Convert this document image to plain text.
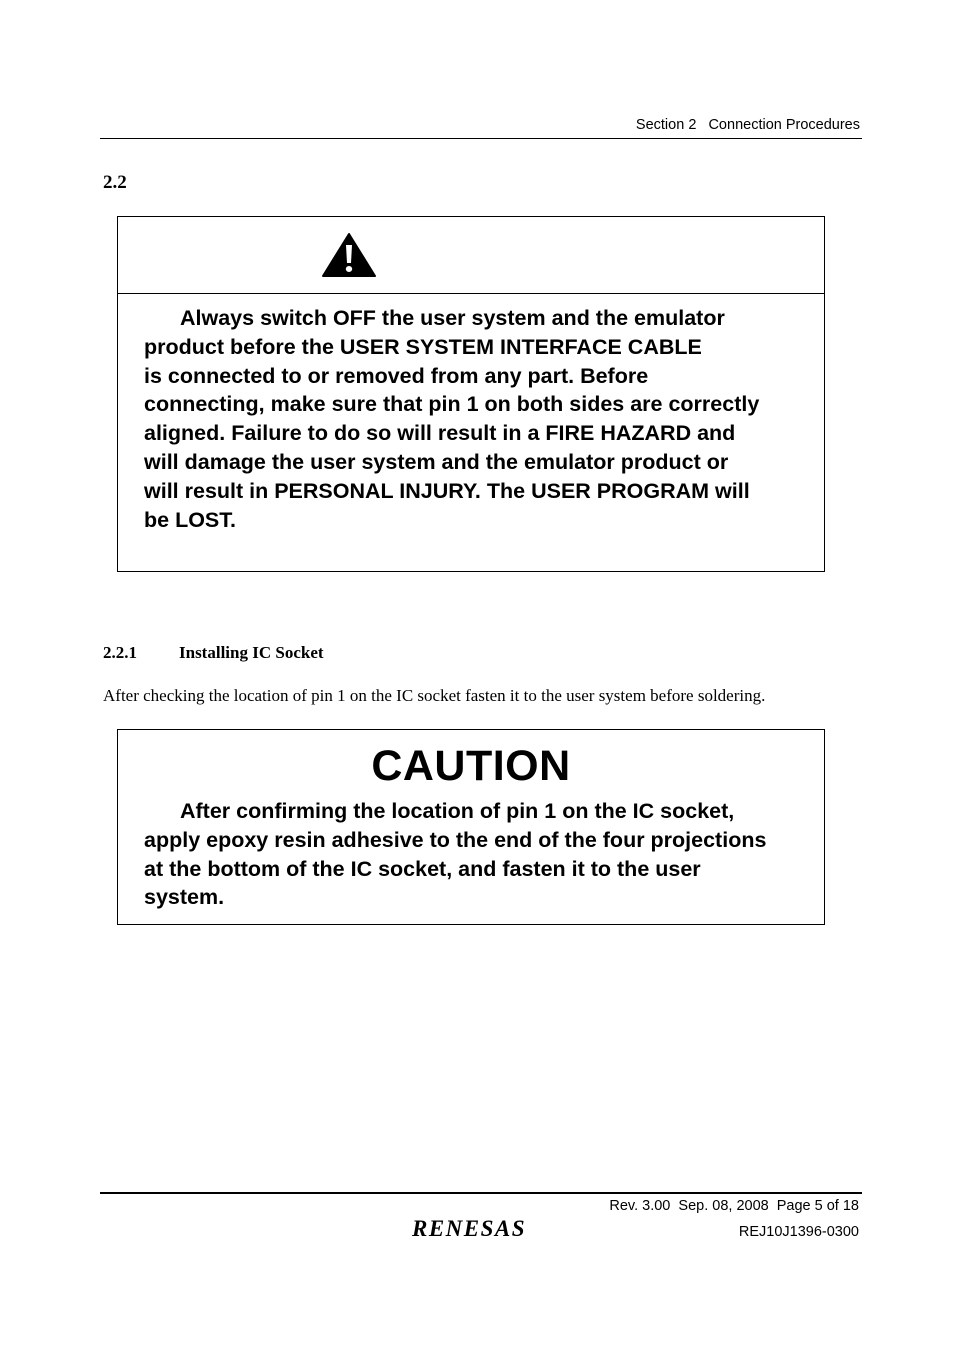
Section 2   Connection Procedures
2.2
Always switch OFF the user system and the emulator
product before the USER SYSTEM INTERFACE CABLE
is connected to or removed from any part. Before
connecting, make sure that pin 1 on both sides are correctly
aligned. Failure to do so will result in a FIRE HAZARD and
will damage the user system and the emulator product or
will result in PERSONAL INJURY. The USER PROGRAM will
be LOST.
2.2.1 Installing IC Socket
After checking the location of pin 1 on the IC socket fasten it to the user system before soldering.
CAUTION
After confirming the location of pin 1 on the IC socket,
apply epoxy resin adhesive to the end of the four projections
at the bottom of the IC socket, and fasten it to the user
system.
RENESAS
Rev. 3.00  Sep. 08, 2008  Page 5 of 18
REJ10J1396-0300
